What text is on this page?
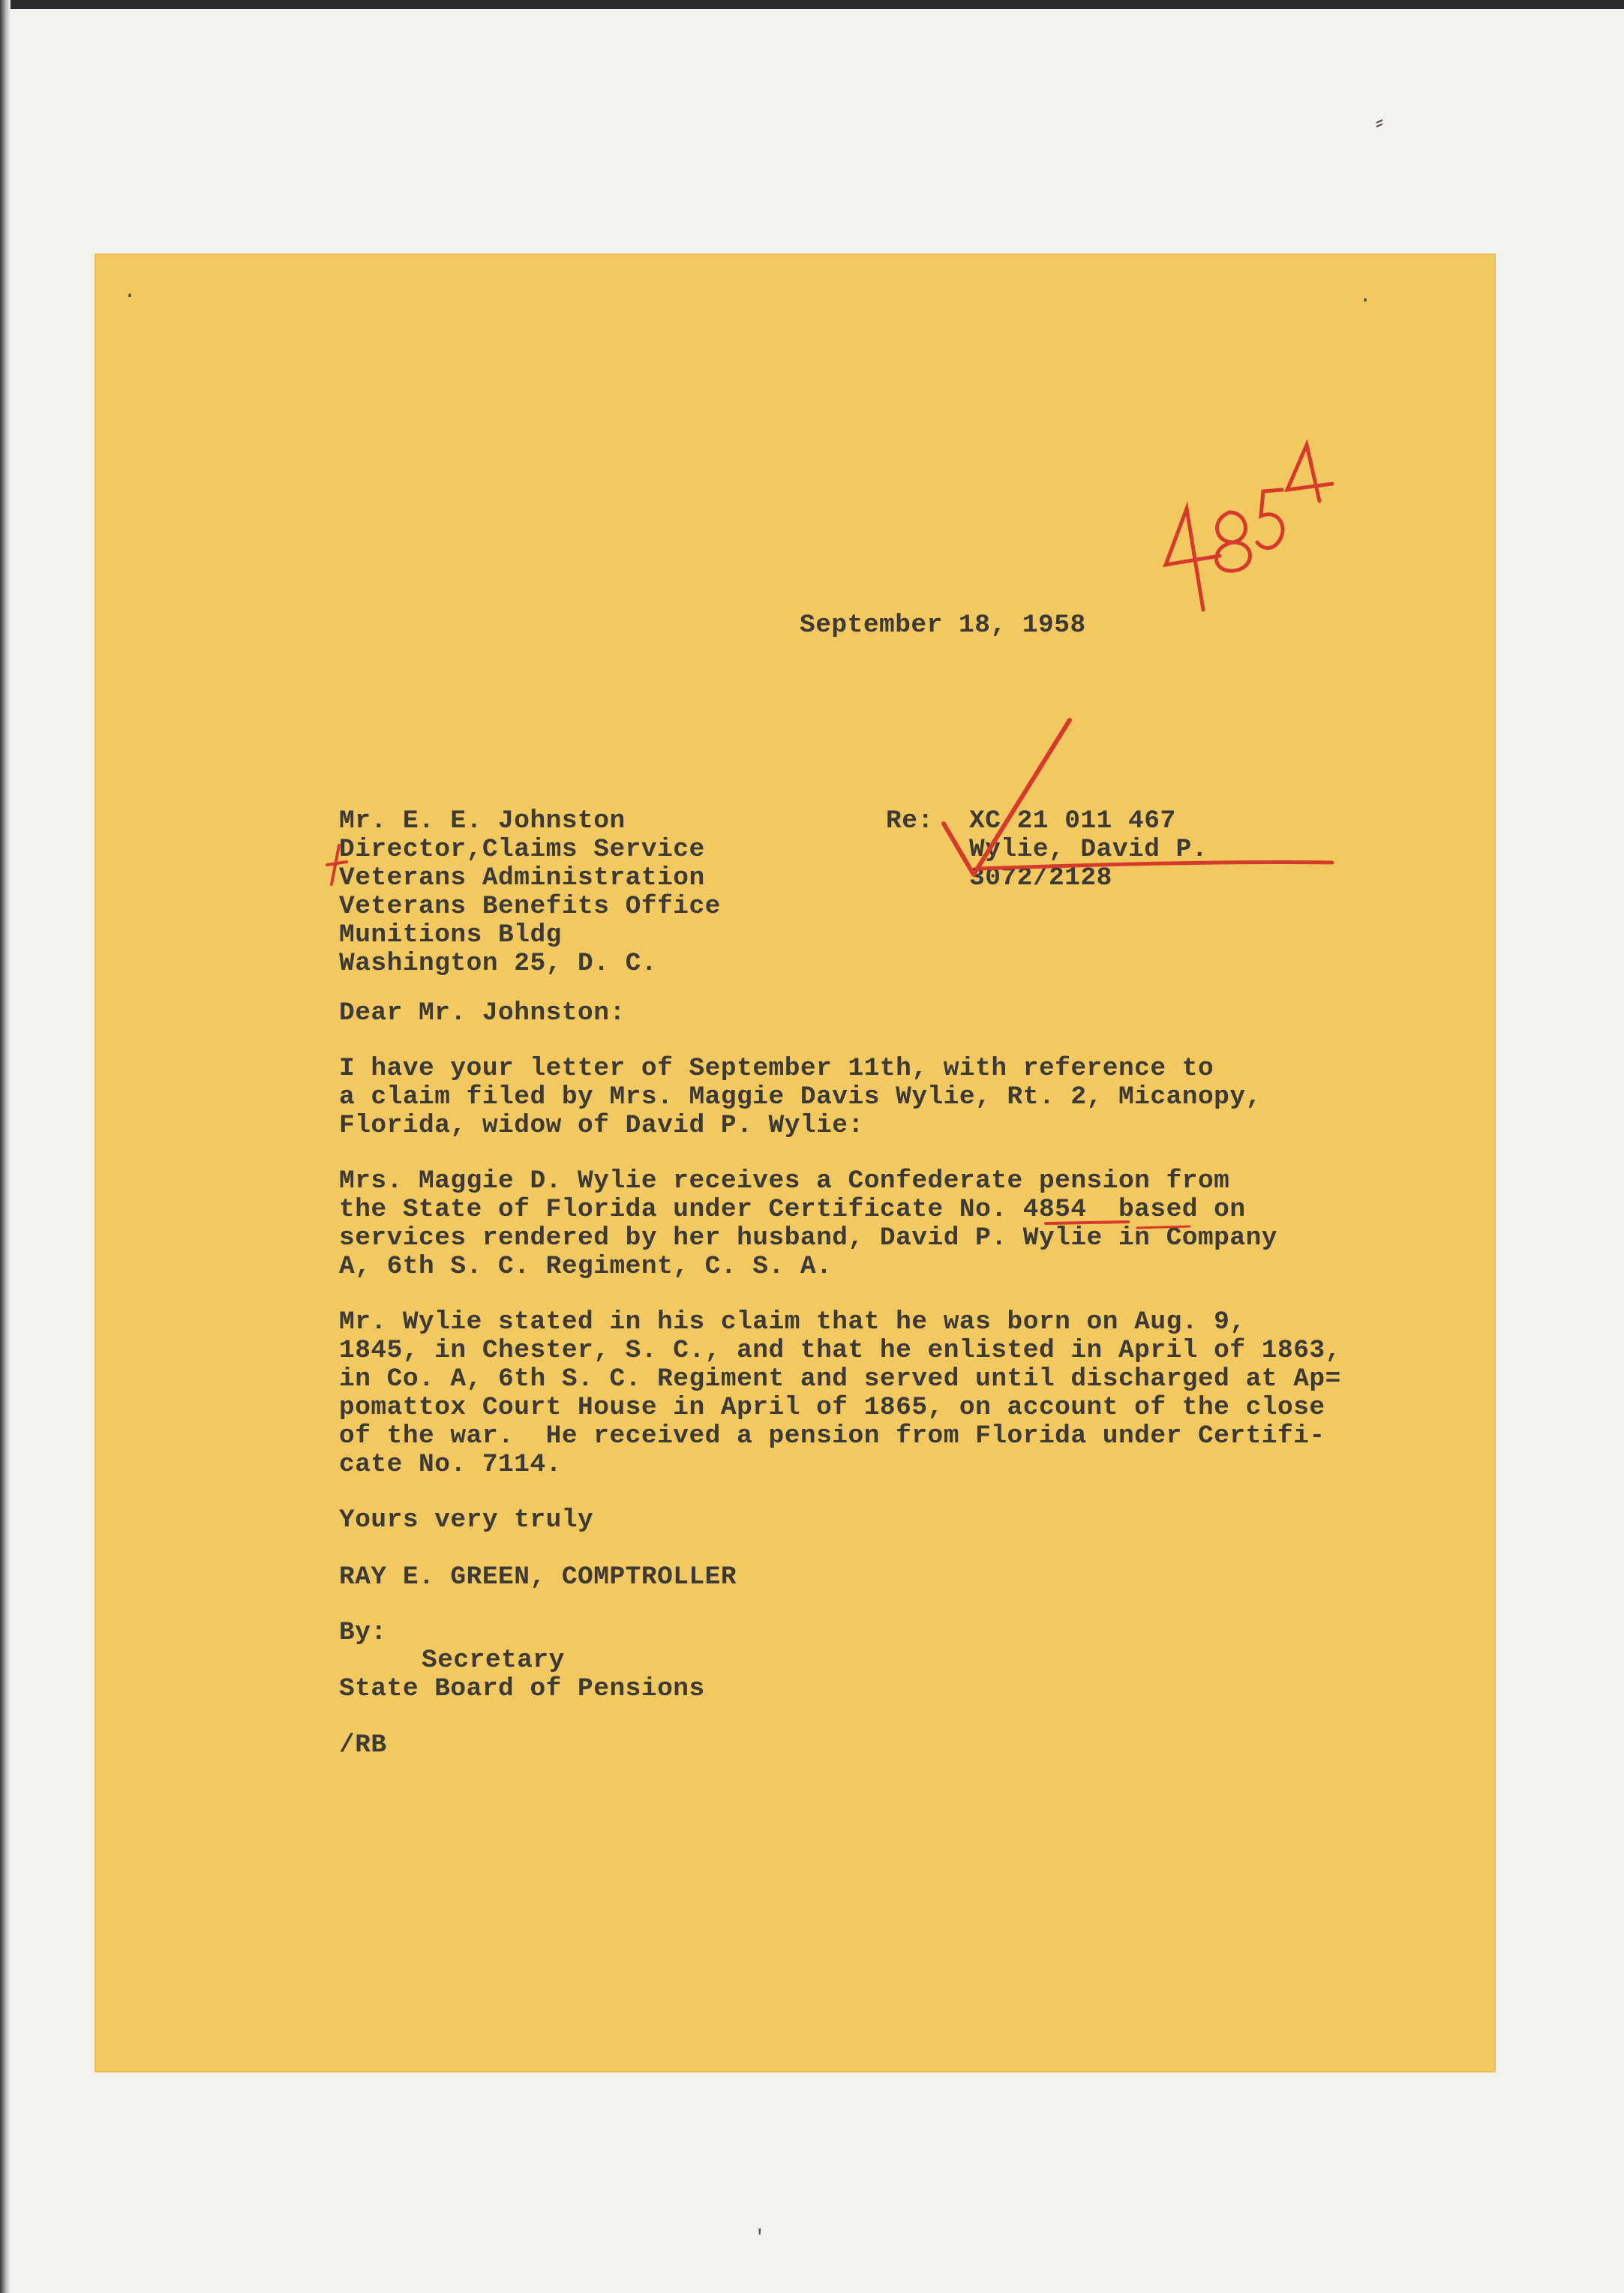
⸗
'

September 18, 1958

Mr. E. E. Johnston

Director,Claims Service

Veterans Administration

Veterans Benefits Office

Munitions Bldg

Washington 25, D. C.

Re: XC 21 011 467

Wylie, David P.

3072/2128

Dear Mr. Johnston:

I have your letter of September 11th, with reference to

a claim filed by Mrs. Maggie Davis Wylie, Rt. 2, Micanopy,

Florida, widow of David P. Wylie:

Mrs. Maggie D. Wylie receives a Confederate pension from

the State of Florida under Certificate No. 4854  based on

services rendered by her husband, David P. Wylie in Company

A, 6th S. C. Regiment, C. S. A.

Mr. Wylie stated in his claim that he was born on Aug. 9,

1845, in Chester, S. C., and that he enlisted in April of 1863,

in Co. A, 6th S. C. Regiment and served until discharged at Ap=

pomattox Court House in April of 1865, on account of the close

of the war.  He received a pension from Florida under Certifi-

cate No. 7114.

Yours very truly

RAY E. GREEN, COMPTROLLER

By:

Secretary

State Board of Pensions

/RB

·	·
